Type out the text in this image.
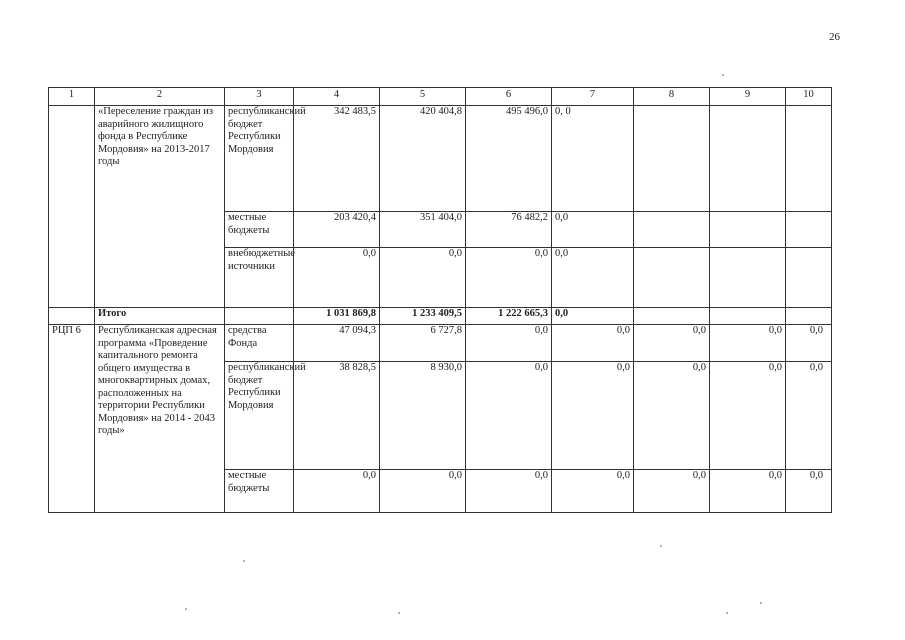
26
1	2	3	4	5	6	7	8	9	10
	«Переселение граждан из аварийного жилищного фонда в Республике Мордовия» на 2013-2017 годы	республиканский бюджет Республики Мордовия	342 483,5	420 404,8	495 496,0	0, 0			
		местные бюджеты	203 420,4	351 404,0	76 482,2	0,0			
		внебюджетные источники	0,0	0,0	0,0	0,0			
	Итого		1 031 869,8	1 233 409,5	1 222 665,3	0,0			
РЦП 6	Республиканская адресная программа «Проведение капитального ремонта общего имущества в многоквартирных домах, расположенных на территории Республики Мордовия» на 2014 - 2043 годы»	средства Фонда	47 094,3	6 727,8	0,0	0,0	0,0	0,0	0,0
		республиканский бюджет Республики Мордовия	38 828,5	8 930,0	0,0	0,0	0,0	0,0	0,0
		местные бюджеты	0,0	0,0	0,0	0,0	0,0	0,0	0,0
